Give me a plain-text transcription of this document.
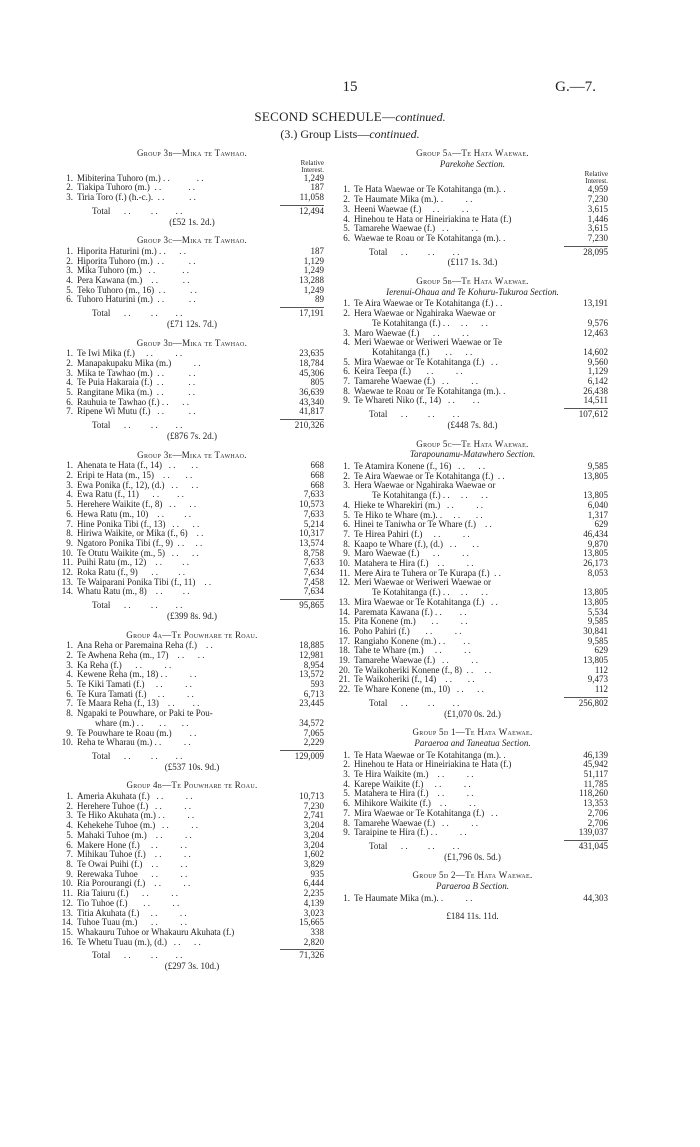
15	G.—7.
SECOND SCHEDULE—continued.
(3.) Group Lists—continued.
Group 3b—Mika te Tawhao.
Relative
Interest.
1. Mibiterina Tuhoro (m.) . .            . .	1,249
2. Tiakipa Tuhoro (m.)  . .            . .	187
3. Tiria Toro (f.) (h.-c.).  . .           . .	11,058
Total . .         . .        . .	12,494
(£52 1s. 2d.)
Group 3c—Mika te Tawhao.
1. Hiporita Haturini (m.) . .      . .	187
2. Hiporita Tuhoro (m.)  . .           . .	1,129
3. Mika Tuhoro (m.)   . .            . .	1,249
4. Pera Kawana (m.)    . .           . .	13,288
5. Teko Tuhoro (m., 16)  . .           . .	1,249
6. Tuhoro Haturini (m.)  . .           . .	89
Total . .         . .        . .	17,191
(£71 12s. 7d.)
Group 3d—Mika te Tawhao.
1. Te Iwi Mika (f.)     . .          . .	23,635
2. Manapakupaku Mika (m.)          . .	18,784
3. Mika te Tawhao (m.)  . .           . .	45,306
4. Te Puia Hakaraia (f.)  . .           . .	805
5. Rangitane Mika (m.)  . .           . .	36,639
6. Rauhuia te Tawhao (f.) . .      . .	43,340
7. Ripene Wi Mutu (f.)   . .           . .	41,817
Total . .         . .        . .	210,326
(£876 7s. 2d.)
Group 3e—Mika te Tawhao.
1. Ahenata te Hata (f., 14)   . .       . .	668
2. Eripi te Hata (m., 15)    . .       . .	668
3. Ewa Ponika (f., 12), (d.)   . .      . .	668
4. Ewa Ratu (f., 11)      . .        . .	7,633
5. Herehere Waikite (f., 8)   . .      . .	10,573
6. Hewa Ratu (m., 10)    . .         . .	7,633
7. Hine Ponika Tibi (f., 13)   . .      . .	5,214
8. Hiriwa Waikite, or Mika (f., 6)    . .	10,317
9. Ngatoro Ponika Tibi (f., 9)  . .     . .	13,574
10. Te Otutu Waikite (m., 5)   . .      . .	8,758
11. Puihi Ratu (m., 12)    . .         . .	7,633
12. Roka Ratu (f., 9)      . .         . .	7,634
13. Te Waiparani Ponika Tibi (f., 11)    . .	7,458
14. Whatu Ratu (m., 8)    . .         . .	7,634
Total . .         . .        . .	95,865
(£399 8s. 9d.)
Group 4a—Te Pouwhare te Roau.
1. Ana Reha or Paremaina Reha (f.)    . .	18,885
2. Te Awhena Reha (m., 17)    . .      . .	12,981
3. Ka Reha (f.)      . .          . .	8,954
4. Kewene Reha (m., 18) . .          . .	13,572
5. Te Kiki Tamati (f.)     . .          . .	593
6. Te Kura Tamati (f.)     . .          . .	6,713
7. Te Maara Reha (f., 13)    . .        . .	23,445
8. Ngapaki te Pouwhare, or Paki te Pou-
whare (m.) . .       . .       . .	34,572
9. Te Pouwhare te Roau (m.)        . .	7,065
10. Reha te Wharau (m.) . .          . .	2,229
Total . .         . .        . .	129,009
(£537 10s. 9d.)
Group 4b—Te Pouwhare te Roau.
1. Ameria Akuhata (f.)   . .          . .	10,713
2. Herehere Tuhoe (f.)   . .          . .	7,230
3. Te Hiko Akuhata (m.) . .          . .	2,741
4. Kehekehe Tuhoe (m.)   . .          . .	3,204
5. Mahaki Tuhoe (m.)    . .          . .	3,204
6. Makere Hone (f.)     . .          . .	3,204
7. Mihikau Tuhoe (f.)    . .          . .	1,602
8. Te Owai Puihi (f.)    . .          . .	3,829
9. Rerewaka Tuhoe      . .          . .	935
10. Ria Porourangi (f.)    . .          . .	6,444
11. Ria Taiuru (f.)      . .          . .	2,235
12. Tio Tuhoe (f.)       . .          . .	4,139
13. Titia Akuhata (f.)     . .          . .	3,023
14. Tuhoe Tuau (m.)      . .          . .	15,665
15. Whakauru Tuhoe or Whakauru Akuhata (f.)	338
16. Te Whetu Tuau (m.), (d.)   . .      . .	2,820
Total . .         . .        . .	71,326
(£297 3s. 10d.)
Group 5a—Te Hata Waewae.
Parekohe Section.
Relative
Interest.
1. Te Hata Waewae or Te Kotahitanga (m.). .	4,959
2. Te Haumate Mika (m.). .          . .	7,230
3. Heeni Waewae (f.)     . .          . .	3,615
4. Hinehou te Hata or Hineiriakina te Hata (f.)	1,446
5. Tamarehe Waewae (f.)   . .          . .	3,615
6. Waewae te Roau or Te Kotahitanga (m.). .	7,230
Total . .         . .        . .	28,095
(£117 1s. 3d.)
Group 5b—Te Hata Waewae.
Ierenui-Ohaua and Te Kohuru-Tukuroa Section.
1. Te Aira Waewae or Te Kotahitanga (f.) . .	13,191
2. Hera Waewae or Ngahiraka Waewae or
Te Kotahitanga (f.) . .     . .      . .	9,576
3. Maro Waewae (f.)      . .          . .	12,463
4. Meri Waewae or Weriweri Waewae or Te
Kotahitanga (f.)       . .      . .	14,602
5. Mira Waewae or Te Kotahitanga (f.)   . .	9,560
6. Keira Teepa (f.)       . .          . .	1,129
7. Tamarehe Waewae (f.)   . .          . .	6,142
8. Waewae te Roau or Te Kotahitanga (m.). .	26,438
9. Te Whareti Niko (f., 14)   . .        . .	14,511
Total . .         . .        . .	107,612
(£448 7s. 8d.)
Group 5c—Te Hata Waewae.
Tarapounamu-Matawhero Section.
1. Te Atamira Konene (f., 16)   . .      . .	9,585
2. Te Aira Waewae or Te Kotahitanga (f.)  . .	13,805
3. Hera Waewae or Ngahiraka Waewae or
Te Kotahitanga (f.) . .     . .      . .	13,805
4. Hieke te Wharekiri (m.)   . .          . .	6,040
5. Te Hiko te Whare (m.). .     . .       . .	1,317
6. Hinei te Taniwha or Te Whare (f.)    . .	629
7. Te Hirea Pahiri (f.)     . .          . .	46,434
8. Kaapo te Whare (f.), (d.)   . .       . .	9,870
9. Maro Waewae (f.)      . .          . .	13,805
10. Matahera te Hira (f.)    . .          . .	26,173
11. Mere Aira te Tuhera or Te Kurapa (f.)  . .	8,053
12. Meri Waewae or Weriweri Waewae or
Te Kotahitanga (f.) . .     . .      . .	13,805
13. Mira Waewae or Te Kotahitanga (f.)   . .	13,805
14. Paremata Kawana (f.) . .        . .	5,534
15. Pita Konene (m.)       . .          . .	9,585
16. Poho Pahiri (f.)       . .          . .	30,841
17. Rangiaho Konene (m.) . .        . .	9,585
18. Tahe te Whare (m.)     . .          . .	629
19. Tamarehe Waewae (f.)   . .          . .	13,805
20. Te Waikoheriki Konene (f., 8)  . .     . .	112
21. Te Waikoheriki (f., 14)    . .       . .	9,473
22. Te Whare Konene (m., 10)   . .      . .	112
Total . .         . .        . .	256,802
(£1,070 0s. 2d.)
Group 5d 1—Te Hata Waewae.
Paraeroa and Taneatua Section.
1. Te Hata Waewae or Te Kotahitanga (m.). .	46,139
2. Hinehou te Hata or Hineiriakina te Hata (f.)	45,942
3. Te Hira Waikite (m.)    . .          . .	51,117
4. Karepe Waikite (f.)     . .          . .	11,785
5. Matahera te Hira (f.)    . .          . .	118,260
6. Mihikore Waikite (f.)    . .          . .	13,353
7. Mira Waewae or Te Kotahitanga (f.)   . .	2,706
8. Tamarehe Waewae (f.)   . .          . .	2,706
9. Taraipine te Hira (f.) . .          . .	139,037
Total . .         . .        . .	431,045
(£1,796 0s. 5d.)
Group 5d 2—Te Hata Waewae.
Paraeroa B Section.
1. Te Haumate Mika (m.). .          . .	44,303
£184 11s. 11d.
